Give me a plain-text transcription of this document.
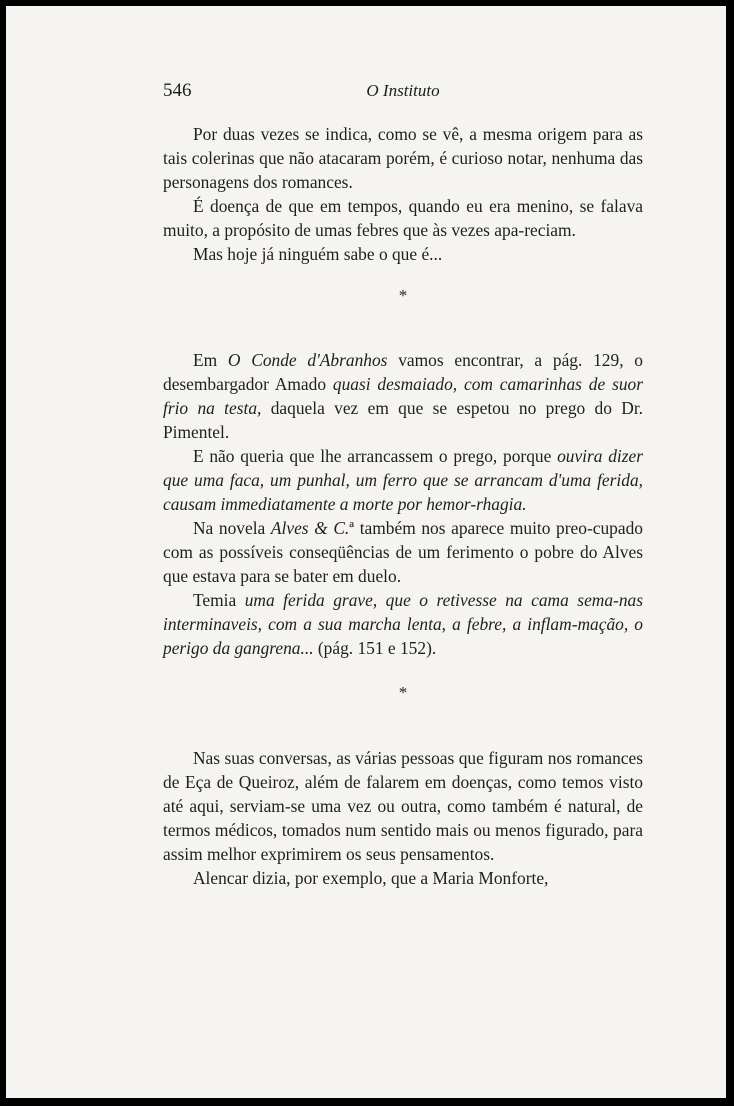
546	O Instituto

Por duas vezes se indica, como se vê, a mesma origem para as tais colerinas que não atacaram porém, é curioso notar, nenhuma das personagens dos romances.

É doença de que em tempos, quando eu era menino, se falava muito, a propósito de umas febres que às vezes apa-reciam.

Mas hoje já ninguém sabe o que é...

*

Em O Conde d'Abranhos vamos encontrar, a pág. 129, o desembargador Amado quasi desmaiado, com camarinhas de suor frio na testa, daquela vez em que se espetou no prego do Dr. Pimentel.

E não queria que lhe arrancassem o prego, porque ouvira dizer que uma faca, um punhal, um ferro que se arrancam d'uma ferida, causam immediatamente a morte por hemor-rhagia.

Na novela Alves & C.ª também nos aparece muito preo-cupado com as possíveis conseqüências de um ferimento o pobre do Alves que estava para se bater em duelo.

Temia uma ferida grave, que o retivesse na cama sema-nas interminaveis, com a sua marcha lenta, a febre, a inflam-mação, o perigo da gangrena... (pág. 151 e 152).

*

Nas suas conversas, as várias pessoas que figuram nos romances de Eça de Queiroz, além de falarem em doenças, como temos visto até aqui, serviam-se uma vez ou outra, como também é natural, de termos médicos, tomados num sentido mais ou menos figurado, para assim melhor exprimirem os seus pensamentos.

Alencar dizia, por exemplo, que a Maria Monforte,
